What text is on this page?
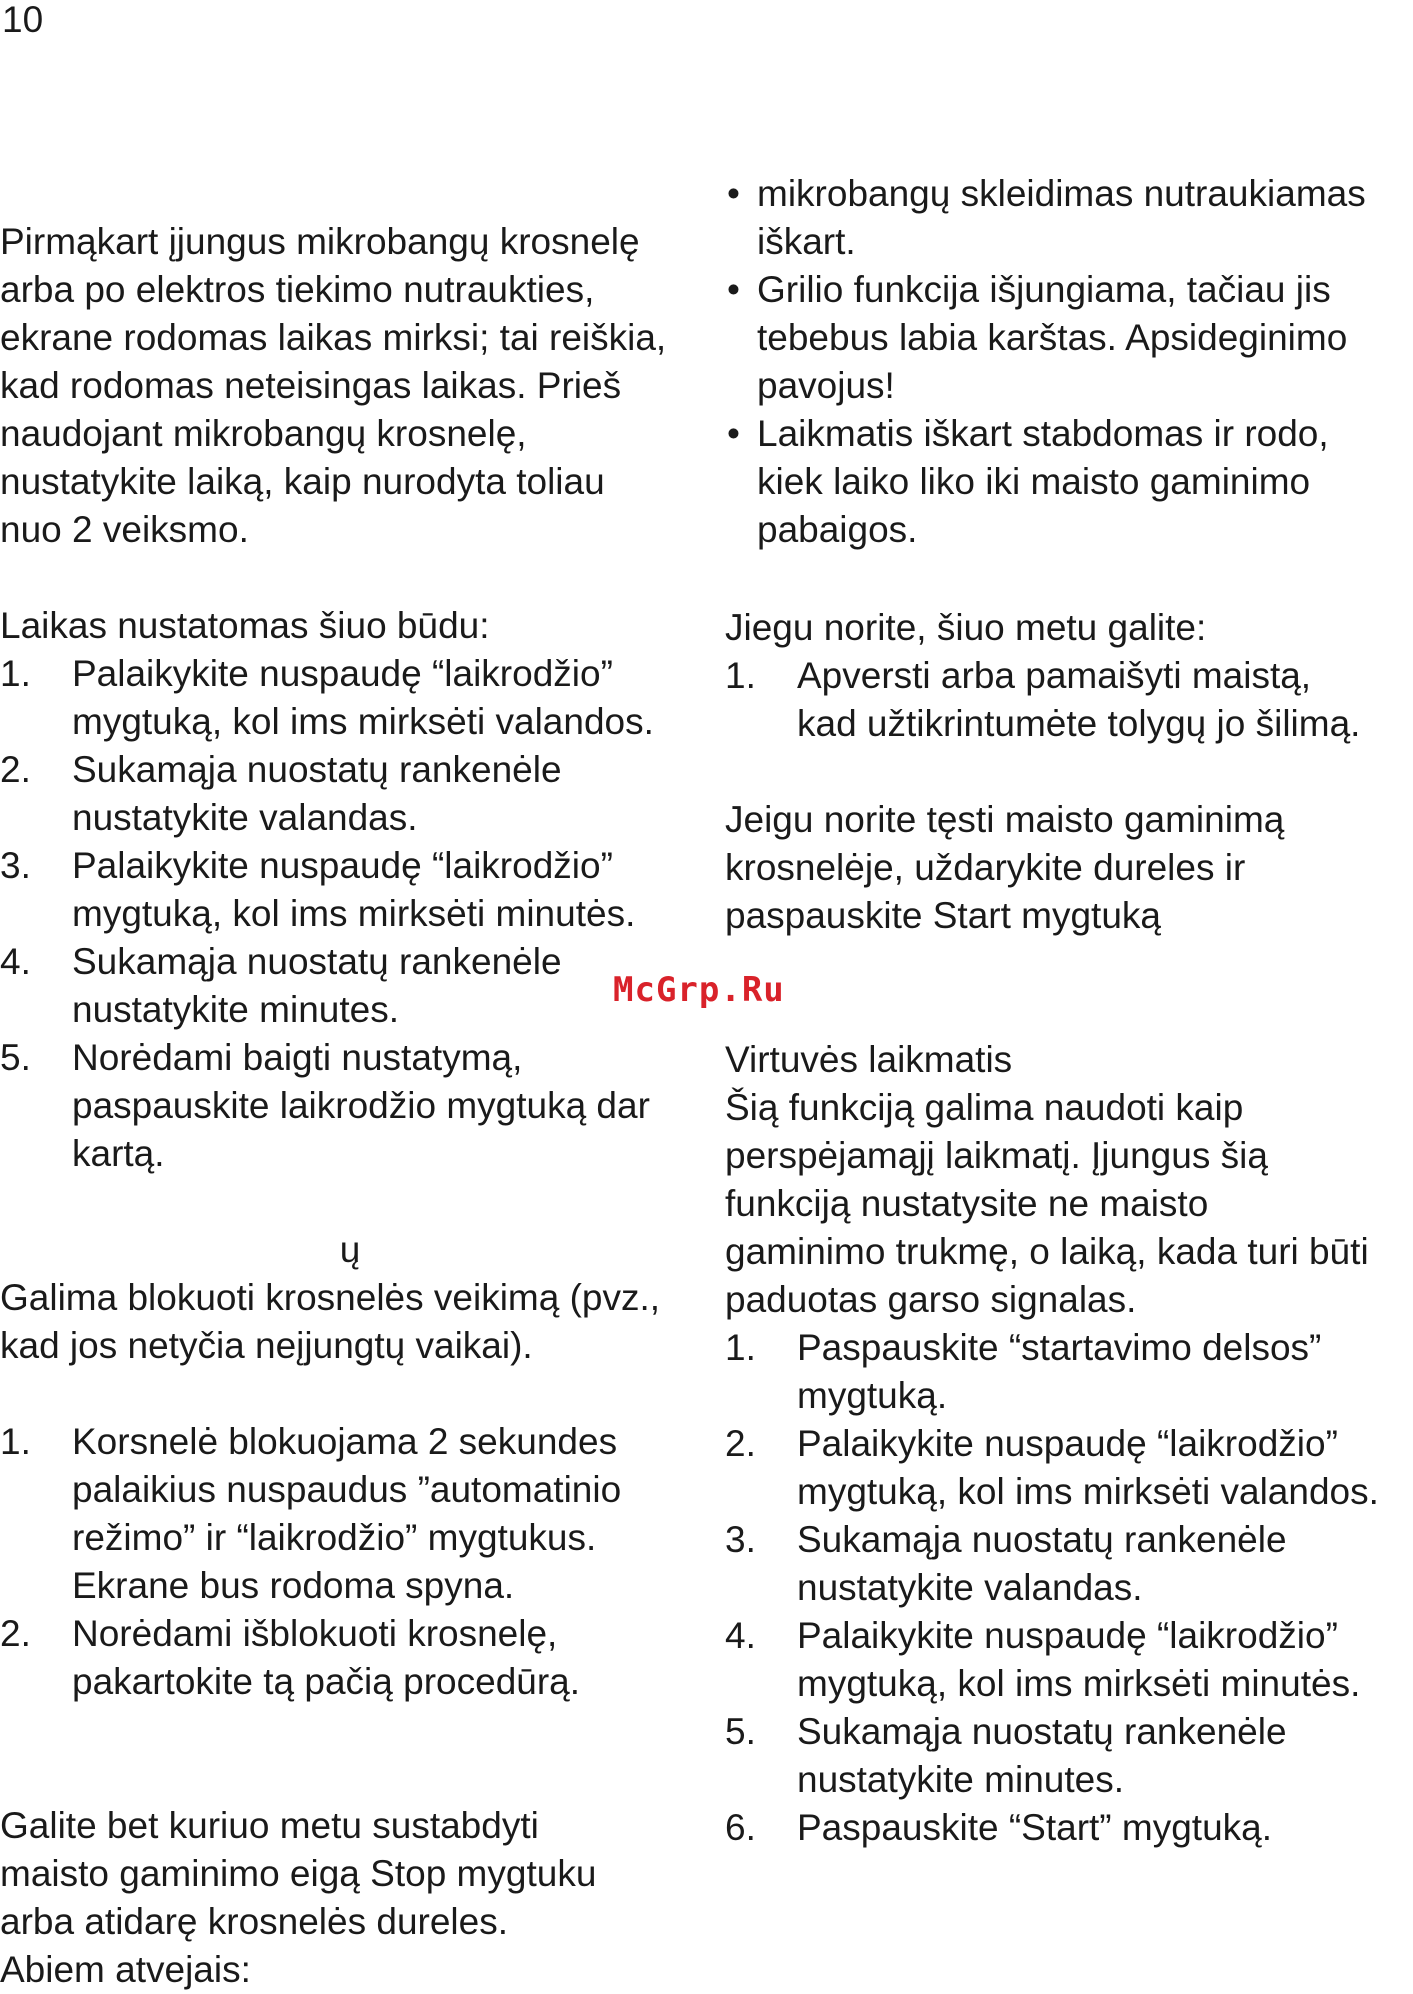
10
Pirmąkart įjungus mikrobangų krosnelę
arba po elektros tiekimo nutraukties,
ekrane rodomas laikas mirksi; tai reiškia,
kad rodomas neteisingas laikas. Prieš
naudojant mikrobangų krosnelę,
nustatykite laiką, kaip nurodyta toliau
nuo 2 veiksmo.
Laikas nustatomas šiuo būdu:
1. Palaikykite nuspaudę “laikrodžio”
mygtuką, kol ims mirksėti valandos.
2. Sukamąja nuostatų rankenėle
nustatykite valandas.
3. Palaikykite nuspaudę “laikrodžio”
mygtuką, kol ims mirksėti minutės.
4. Sukamąja nuostatų rankenėle
nustatykite minutes.
5. Norėdami baigti nustatymą,
paspauskite laikrodžio mygtuką dar
kartą.
ų
Galima blokuoti krosnelės veikimą (pvz.,
kad jos netyčia neįjungtų vaikai).
1. Korsnelė blokuojama 2 sekundes
palaikius nuspaudus ”automatinio
režimo” ir “laikrodžio” mygtukus.
Ekrane bus rodoma spyna.
2. Norėdami išblokuoti krosnelę,
pakartokite tą pačią procedūrą.
Galite bet kuriuo metu sustabdyti
maisto gaminimo eigą Stop mygtuku
arba atidarę krosnelės dureles.
Abiem atvejais:
• mikrobangų skleidimas nutraukiamas
iškart.
• Grilio funkcija išjungiama, tačiau jis
tebebus labia karštas. Apsideginimo
pavojus!
• Laikmatis iškart stabdomas ir rodo,
kiek laiko liko iki maisto gaminimo
pabaigos.
Jiegu norite, šiuo metu galite:
1. Apversti arba pamaišyti maistą,
kad užtikrintumėte tolygų jo šilimą.
Jeigu norite tęsti maisto gaminimą
krosnelėje, uždarykite dureles ir
paspauskite Start mygtuką
Virtuvės laikmatis
Šią funkciją galima naudoti kaip
perspėjamąjį laikmatį. Įjungus šią
funkciją nustatysite ne maisto
gaminimo trukmę, o laiką, kada turi būti
paduotas garso signalas.
1. Paspauskite “startavimo delsos”
mygtuką.
2. Palaikykite nuspaudę “laikrodžio”
mygtuką, kol ims mirksėti valandos.
3. Sukamąja nuostatų rankenėle
nustatykite valandas.
4. Palaikykite nuspaudę “laikrodžio”
mygtuką, kol ims mirksėti minutės.
5. Sukamąja nuostatų rankenėle
nustatykite minutes.
6. Paspauskite “Start” mygtuką.
McGrp.Ru
